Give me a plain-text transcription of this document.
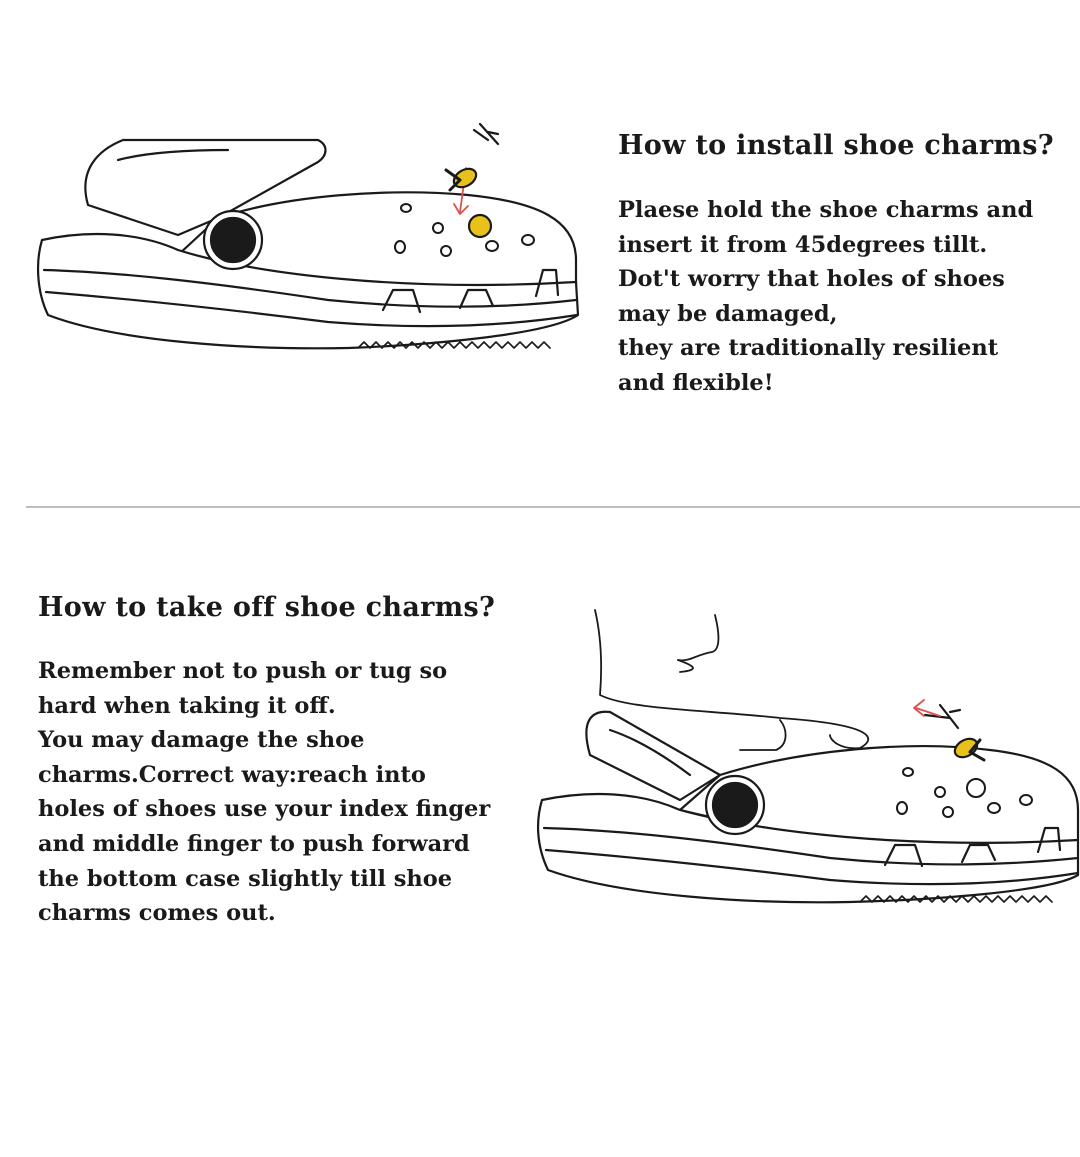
How to install shoe charms?
Plaese hold the shoe charms and
insert it from 45degrees tillt.
Dot't worry that holes of shoes
may be damaged,
they are traditionally resilient
and flexible!
How to take off shoe charms?
Remember not to push or tug so
hard when taking it off.
You may damage the shoe
charms.Correct way:reach into
holes of shoes use your index finger
and middle finger to push forward
the bottom case slightly till shoe
charms comes out.
